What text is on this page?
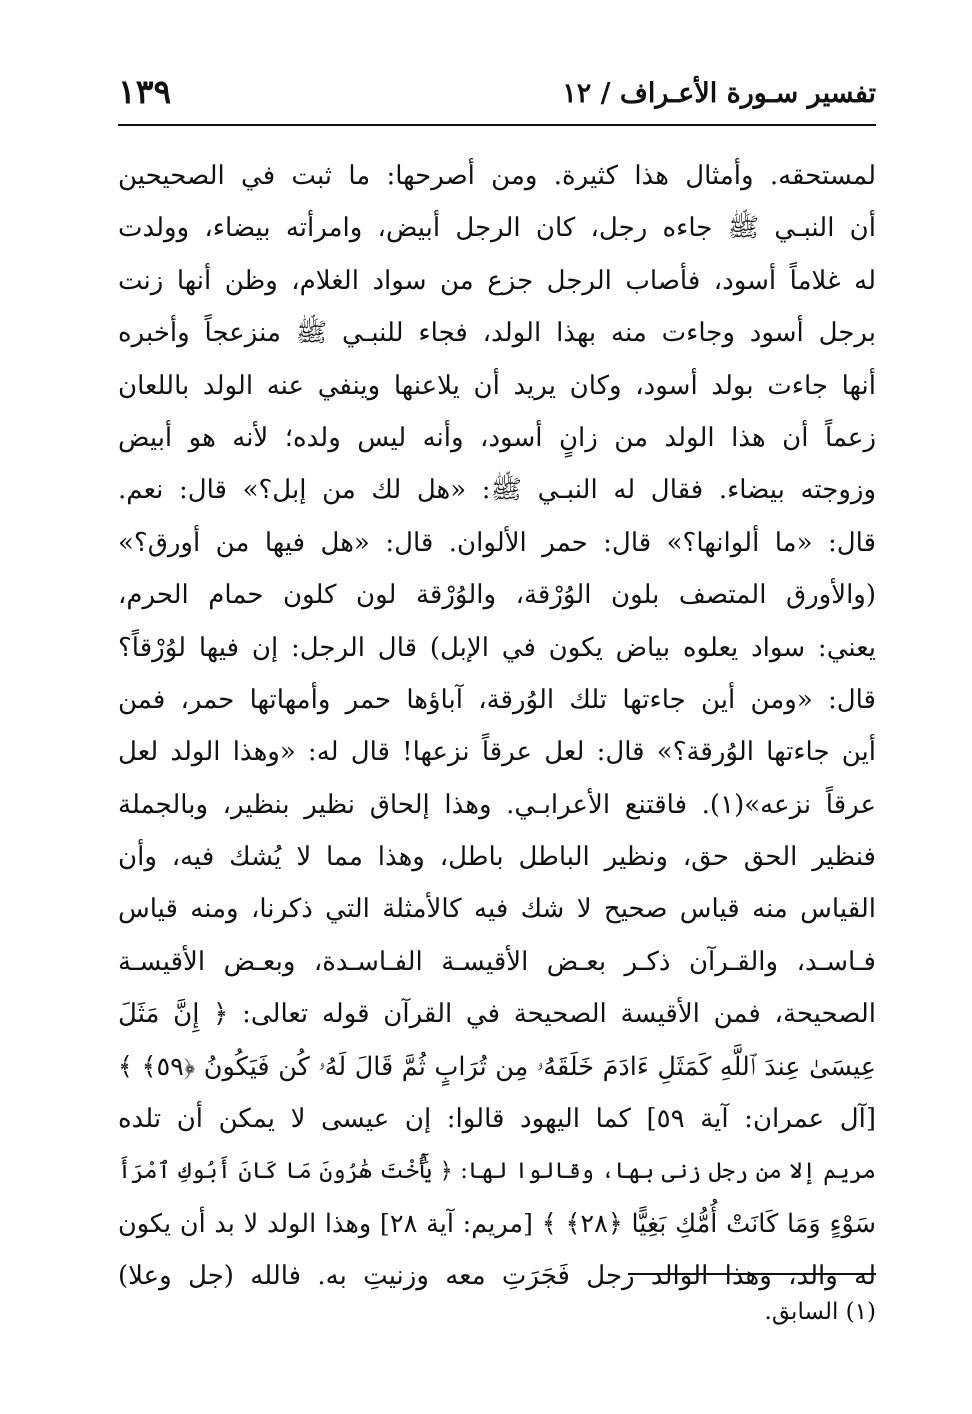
تفسير سـورة الأعـراف / ١٢
١٣٩
لمستحقه. وأمثال هذا كثيرة. ومن أصرحها: ما ثبت في الصحيحين
أن النبـي ﷺ جاءه رجل، كان الرجل أبيض، وامرأته بيضاء، وولدت
له غلاماً أسود، فأصاب الرجل جزع من سواد الغلام، وظن أنها زنت
برجل أسود وجاءت منه بهذا الولد، فجاء للنبـي ﷺ منزعجاً وأخبره
أنها جاءت بولد أسود، وكان يريد أن يلاعنها وينفي عنه الولد باللعان
زعماً أن هذا الولد من زانٍ أسود، وأنه ليس ولده؛ لأنه هو أبيض
وزوجته بيضاء. فقال له النبـي ﷺ: «هل لك من إبل؟» قال: نعم.
قال: «ما ألوانها؟» قال: حمر الألوان. قال: «هل فيها من أورق؟»
(والأورق المتصف بلون الوُرْقة، والوُرْقة لون كلون حمام الحرم،
يعني: سواد يعلوه بياض يكون في الإبل) قال الرجل: إن فيها لوُرْقاً؟
قال: «ومن أين جاءتها تلك الوُرقة، آباؤها حمر وأمهاتها حمر، فمن
أين جاءتها الوُرقة؟» قال: لعل عرقاً نزعها! قال له: «وهذا الولد لعل
عرقاً نزعه»(١). فاقتنع الأعرابـي. وهذا إلحاق نظير بنظير، وبالجملة
فنظير الحق حق، ونظير الباطل باطل، وهذا مما لا يُشك فيه، وأن
القياس منه قياس صحيح لا شك فيه كالأمثلة التي ذكرنا، ومنه قياس
فـاسـد، والقـرآن ذكـر بعـض الأقيسـة الفـاسـدة، وبعـض الأقيسـة
الصحيحة، فمن الأقيسة الصحيحة في القرآن قوله تعالى: ﴿ إِنَّ مَثَلَ
عِيسَىٰ عِندَ ٱللَّهِ كَمَثَلِ ءَادَمَ خَلَقَهُۥ مِن تُرَابٍ ثُمَّ قَالَ لَهُۥ كُن فَيَكُونُ ﴿٥٩﴾ ﴾
[آل عمران: آية ٥٩] كما اليهود قالوا: إن عيسى لا يمكن أن تلده
مريم إلا من رجل زنى بها، وقالوا لها: ﴿ يَٰٓأُخْتَ هَٰرُونَ مَا كَانَ أَبُوكِ ٱمْرَأَ
سَوْءٍ وَمَا كَانَتْ أُمُّكِ بَغِيًّا ﴿٢٨﴾ ﴾ [مريم: آية ٢٨] وهذا الولد لا بد أن يكون
له والد، وهذا الوالد رجل فَجَرَتِ معه وزنيتِ به. فالله (جل وعلا)
(١) السابق.
